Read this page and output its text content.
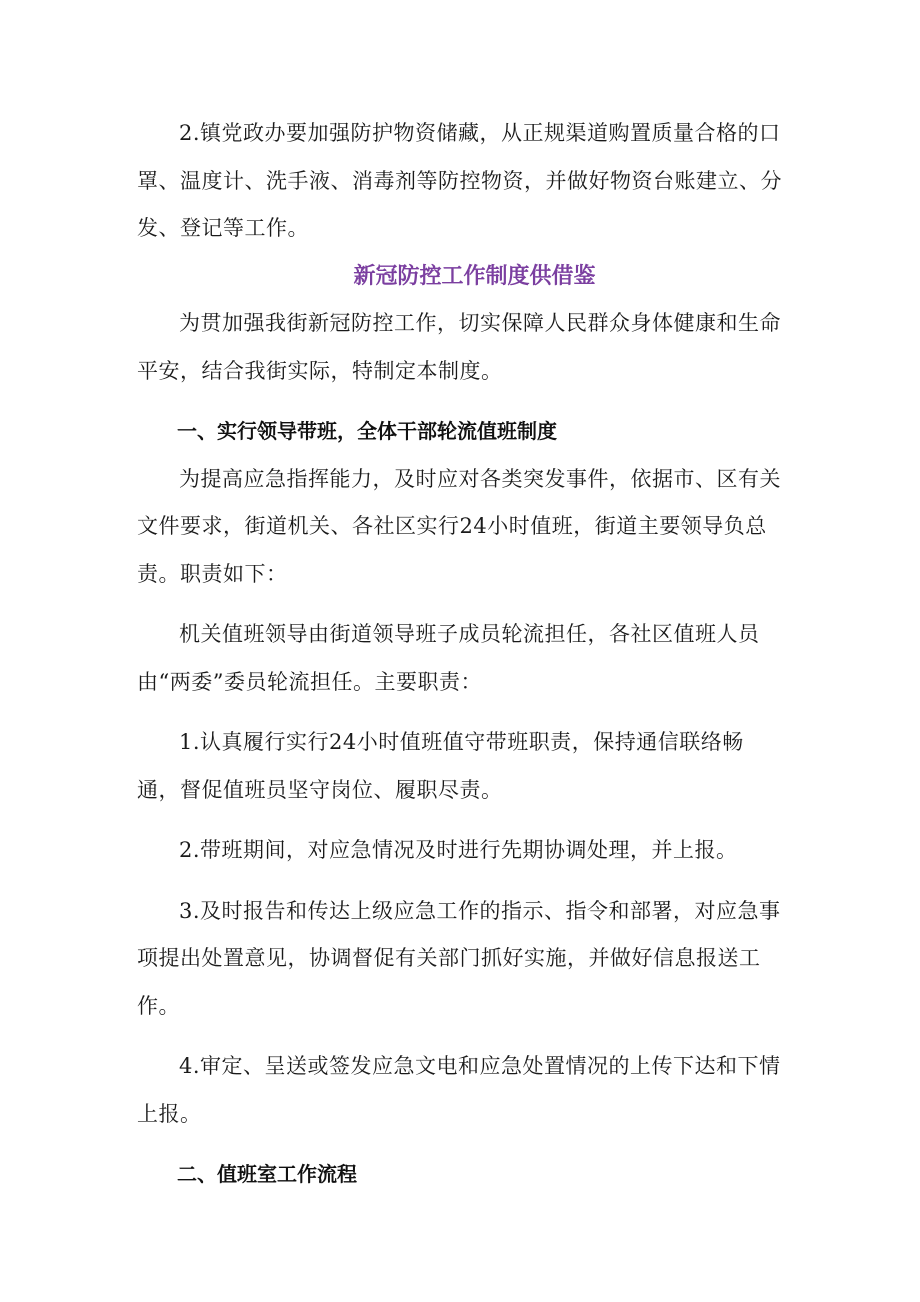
2.镇党政办要加强防护物资储藏，从正规渠道购置质量合格的口罩、温度计、洗手液、消毒剂等防控物资，并做好物资台账建立、分发、登记等工作。

新冠防控工作制度供借鉴

为贯加强我街新冠防控工作，切实保障人民群众身体健康和生命平安，结合我街实际，特制定本制度。

一、实行领导带班，全体干部轮流值班制度

为提高应急指挥能力，及时应对各类突发事件，依据市、区有关文件要求，街道机关、各社区实行24小时值班，街道主要领导负总责。职责如下：

机关值班领导由街道领导班子成员轮流担任，各社区值班人员由“两委”委员轮流担任。主要职责：

1.认真履行实行24小时值班值守带班职责，保持通信联络畅通，督促值班员坚守岗位、履职尽责。

2.带班期间，对应急情况及时进行先期协调处理，并上报。

3.及时报告和传达上级应急工作的指示、指令和部署，对应急事项提出处置意见，协调督促有关部门抓好实施，并做好信息报送工作。

4.审定、呈送或签发应急文电和应急处置情况的上传下达和下情上报。

二、值班室工作流程
